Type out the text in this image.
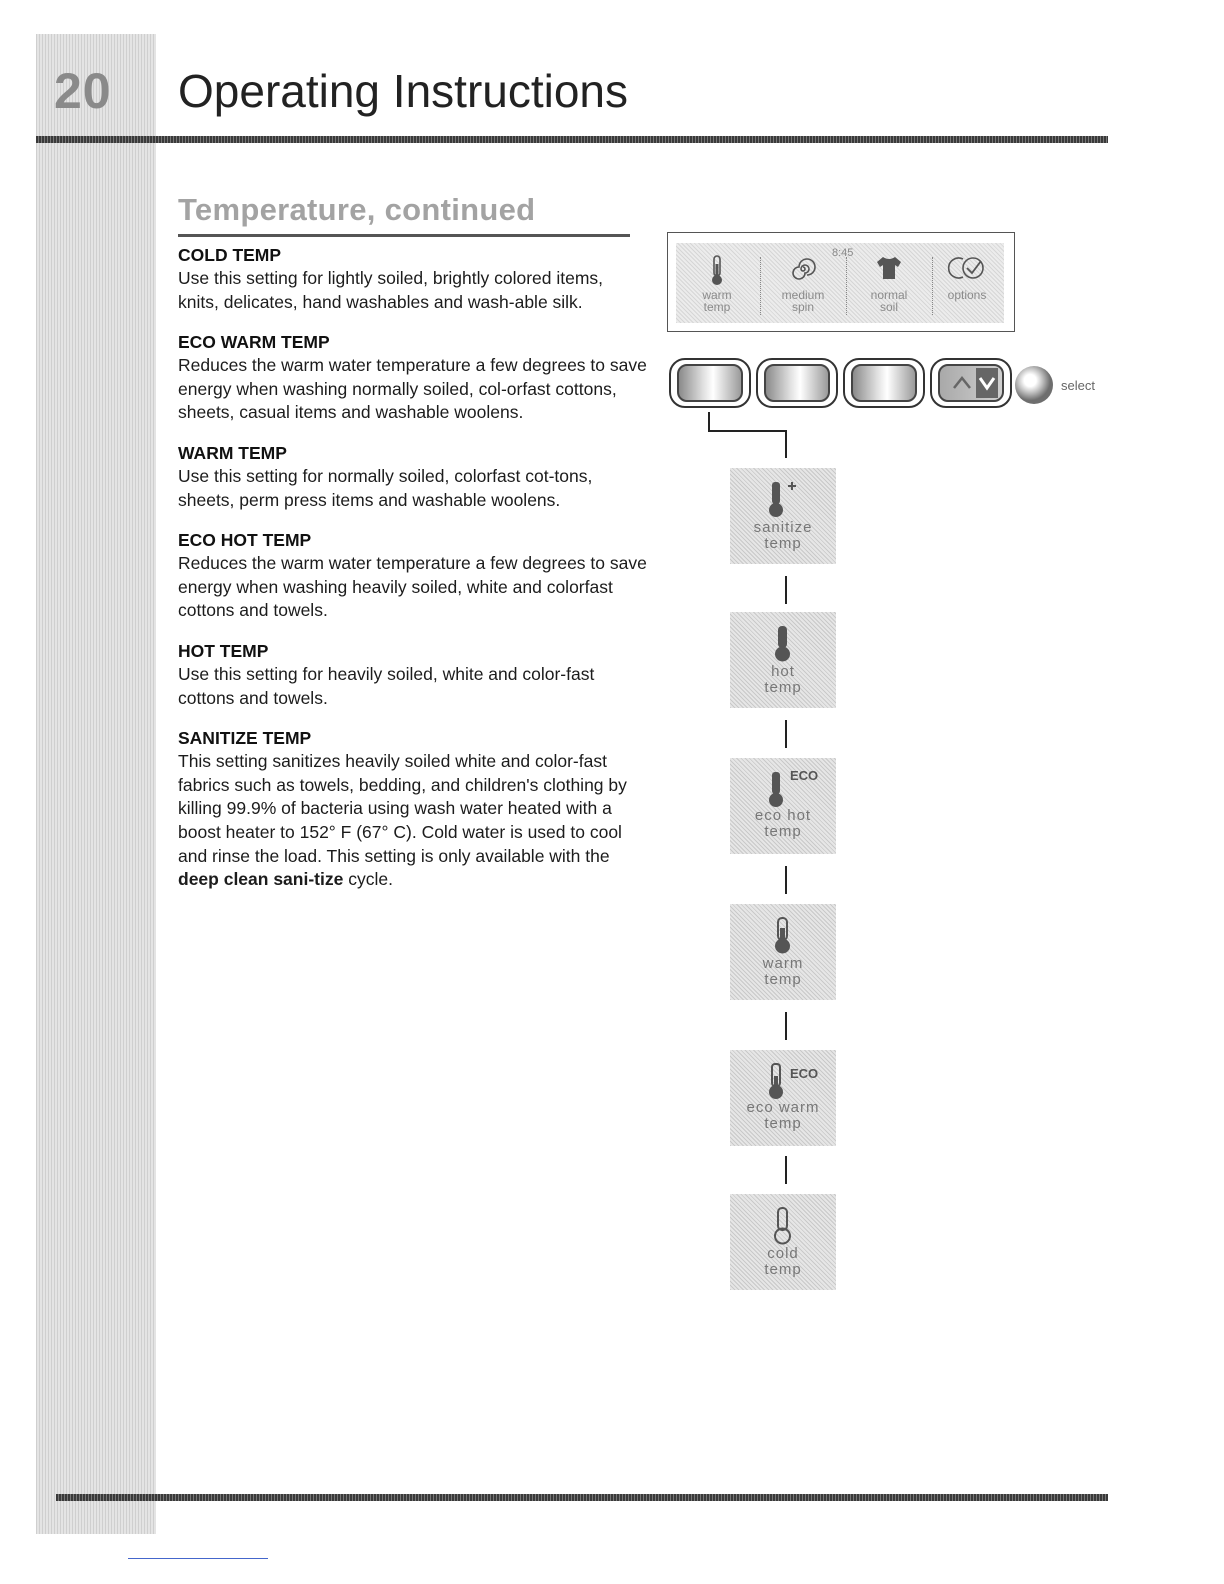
20 Operating Instructions
Temperature, continued
COLD TEMP

Use this setting for lightly soiled, brightly colored items, knits, delicates, hand washables and wash-able silk.

ECO WARM TEMP

Reduces the warm water temperature a few degrees to save energy when washing normally soiled, col-orfast cottons, sheets, casual items and washable woolens.

WARM TEMP

Use this setting for normally soiled, colorfast cot-tons, sheets, perm press items and washable woolens.

ECO HOT TEMP

Reduces the warm water temperature a few degrees to save energy when washing heavily soiled, white and colorfast cottons and towels.

HOT TEMP

Use this setting for heavily soiled, white and color-fast cottons and towels.

SANITIZE TEMP

This setting sanitizes heavily soiled white and color-fast fabrics such as towels, bedding, and children's clothing by killing 99.9% of bacteria using wash water heated with a boost heater to 152° F (67° C). Cold water is used to cool and rinse the load. This setting is only available with the deep clean sani-tize cycle.

8:45
warm
temp
medium
spin
normal
soil
options
select
sanitize
temp
hot
temp
ECO
eco hot
temp
warm
temp
ECO
eco warm
temp
cold
temp
